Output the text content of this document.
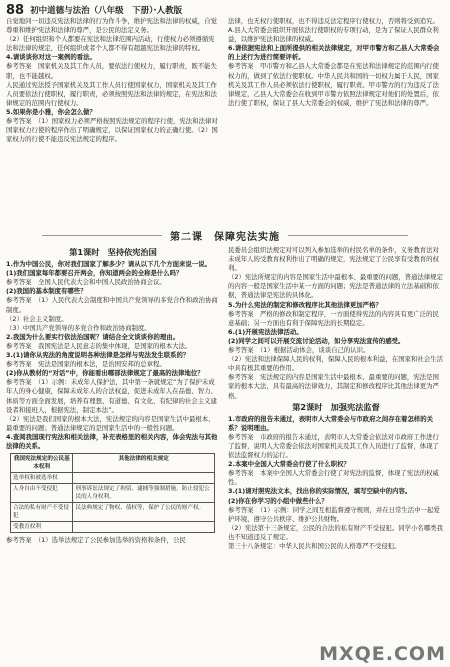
88 初中道德与法治（八年级　下册）·人教版

自觉地同一切违反宪法和法律的行为作斗争，维护宪法和法律的权威，自觉尊重和维护宪法和法律的尊严，是公民的法定义务。

（2）任何组织和个人都要在宪法和法律范围内活动，行使权力必须遵循宪法和法律的规定，任何组织或者个人都不得有超越宪法和法律的特权。

4.请谈谈你对这一案例的看法。

参考答案　国家机关及其工作人员，要依法行使权力，履行职责，既不能失职，也不能越权。

人民通过宪法授予国家机关及其工作人员行使国家权力，国家机关及其工作人员要依法行使职权，履行职责，必须按照宪法和法律的规定，在宪法和法律规定的范围内行使权力。

5.如果你是小雅，你会怎么做？

参考答案　（1）国家权力必须严格按照宪法规定的程序行使，宪法和法律对国家权力行使的程序作出了明确规定，以保证国家权力的正确行使。（2）国家权力的行使不能违反宪法规定的程序。

法律，也无权行使职权，也不得违反法定程序行使权力，否则将受到追究。

A.县人大常委会组织开展依法行使职权的专项行动，是为了保证人民群众利益，以维护宪法和法律的权威。

6.请依据宪法和上面所提供的相关法律规定，对甲市警方和乙县人大常委会的上述行为进行简要评析。

参考答案　甲市警方和乙县人大常委会都是在宪法和法律规定的范围内行使权力的，做到了依法行使职权。中华人民共和国的一切权力属于人民，国家机关及其工作人员必须依法行使职权，履行职责。甲市警方的行为违反了法律规定，乙县人大常委会在收到甲市警方依照法律规定对他们的处置后，依法行使了职权，保证了县人大常委会的权威，维护了宪法和法律的尊严。

第二课　保障宪法实施
第1课时　坚持依宪治国

1.作为中国公民，你对我们国家了解多少？请从以下几个方面来说一说。

(1)我们国家每年都要召开两会，你知道两会的全称是什么吗？

参考答案　全国人民代表大会和中国人民政治协商会议。

(2)我国的基本制度有哪些？

参考答案　（1）人民代表大会制度和中国共产党领导的多党合作和政治协商制度。

（2）社会主义制度。

（3）中国共产党领导的多党合作和政治协商制度。

2.我国为什么要实行依法治国呢？请结合全文谈谈你的理由。

参考答案　我国宪法是人民意志的集中体现，是国家的根本大法。

3.(1)请你从宪法的角度说明各种法律是怎样与宪法发生联系的？

参考答案　宪法是国家的根本法，是治国安邦的总章程。

(2)你从教材的“对话”中，你能看出哪部法律规定了最高的法律地位？

参考答案　（1）示例：未成年人保护法，其中第一条就规定“为了保护未成年人的身心健康，保障未成年人的合法权益，促进未成年人在品德、智力、体质等方面全面发展，培养有理想、有道德、有文化、有纪律的社会主义建设者和接班人，根据宪法，制定本法”。

（2）宪法是我们国家的根本大法，宪法规定的内容是国家生活中最根本、最重要的问题；普通法律规定的是国家生活中的一般性问题。

4.查阅我国现行宪法和相关法律，补充表格里的相关内容，体会宪法与其他法律的关系。

我国宪法规定的公民基本权利	其他法律的相关规定
选举权和被选举权	
人身自由不受侵犯	刑事诉讼法规定了拘留、逮捕等强制措施，防止侵犯公民的人身权利。
合法的私有财产不受侵犯	民法典规定了物权、债权等，保护了公民的财产权。
受教育权利	

参考答案　（1）选举法规定了公民参加选举的资格和条件，公民

民委员会组织法规定对可以列入参加选举的村民名单的条件，义务教育法对未成年人的受教育权利作出了明确的规定，宪法规定了公民享有受教育的权利。

（2）宪法所规定的内容是国家生活中最根本、最重要的问题，普通法律规定的内容一般是国家生活中某一方面的问题；宪法是普通法律的立法基础和依据，普通法律是宪法的具体化。

5.为什么宪法的制定和修改程序比其他法律更加严格？

参考答案　严格的修改和制定程序，一方面使得宪法的内容具有更广泛的民意基础；另一方面也有利于保障宪法的长期稳定。

6.(1)开展宪法法律活动。

(2)同学之间可以开展交流讨论活动，如分享宪法宣传的感受。

参考答案　（1）根据活动体会，谈谈自己的认识。

（2）宪法和法律保障人民的权利，保障人民的根本利益，在国家和社会生活中具有极其重要的作用。

参考答案　宪法规定的内容是国家生活中最根本、最重要的问题，宪法是国家的根本大法，具有最高的法律效力，其制定和修改程序比其他法律更为严格。

第2课时　加强宪法监督

1.市政府的报告未通过，表明市人大常委会与市政府之间存在着怎样的关系？说明理由。

参考答案　市政府的报告未通过，表明市人大常委会依法对市政府工作进行了监督，说明人大常委会依法对国家机关及其工作人员进行了监督，体现了依法监督权力的运行。

2.本案中全国人大常委会行使了什么职权？

参考答案　本案中全国人大常委会行使了对宪法的监督，体现了宪法的权威性。

3.(1)请对照宪法文本，找出你的实际情况，填写空缺中的内容。

(2)你在你学习的小组中做些什么？

参考答案　（1）示例：同学之间互相监督遵守规则，并在日常生活中一起爱护环境、遵守公共秩序、维护公共财物。

（2）宪法第十三条规定，公民的合法的私有财产不受侵犯。同学小名哪类我也不知道违反了规定。

第三十八条规定：中华人民共和国公民的人格尊严不受侵犯。

MXQE.COM
